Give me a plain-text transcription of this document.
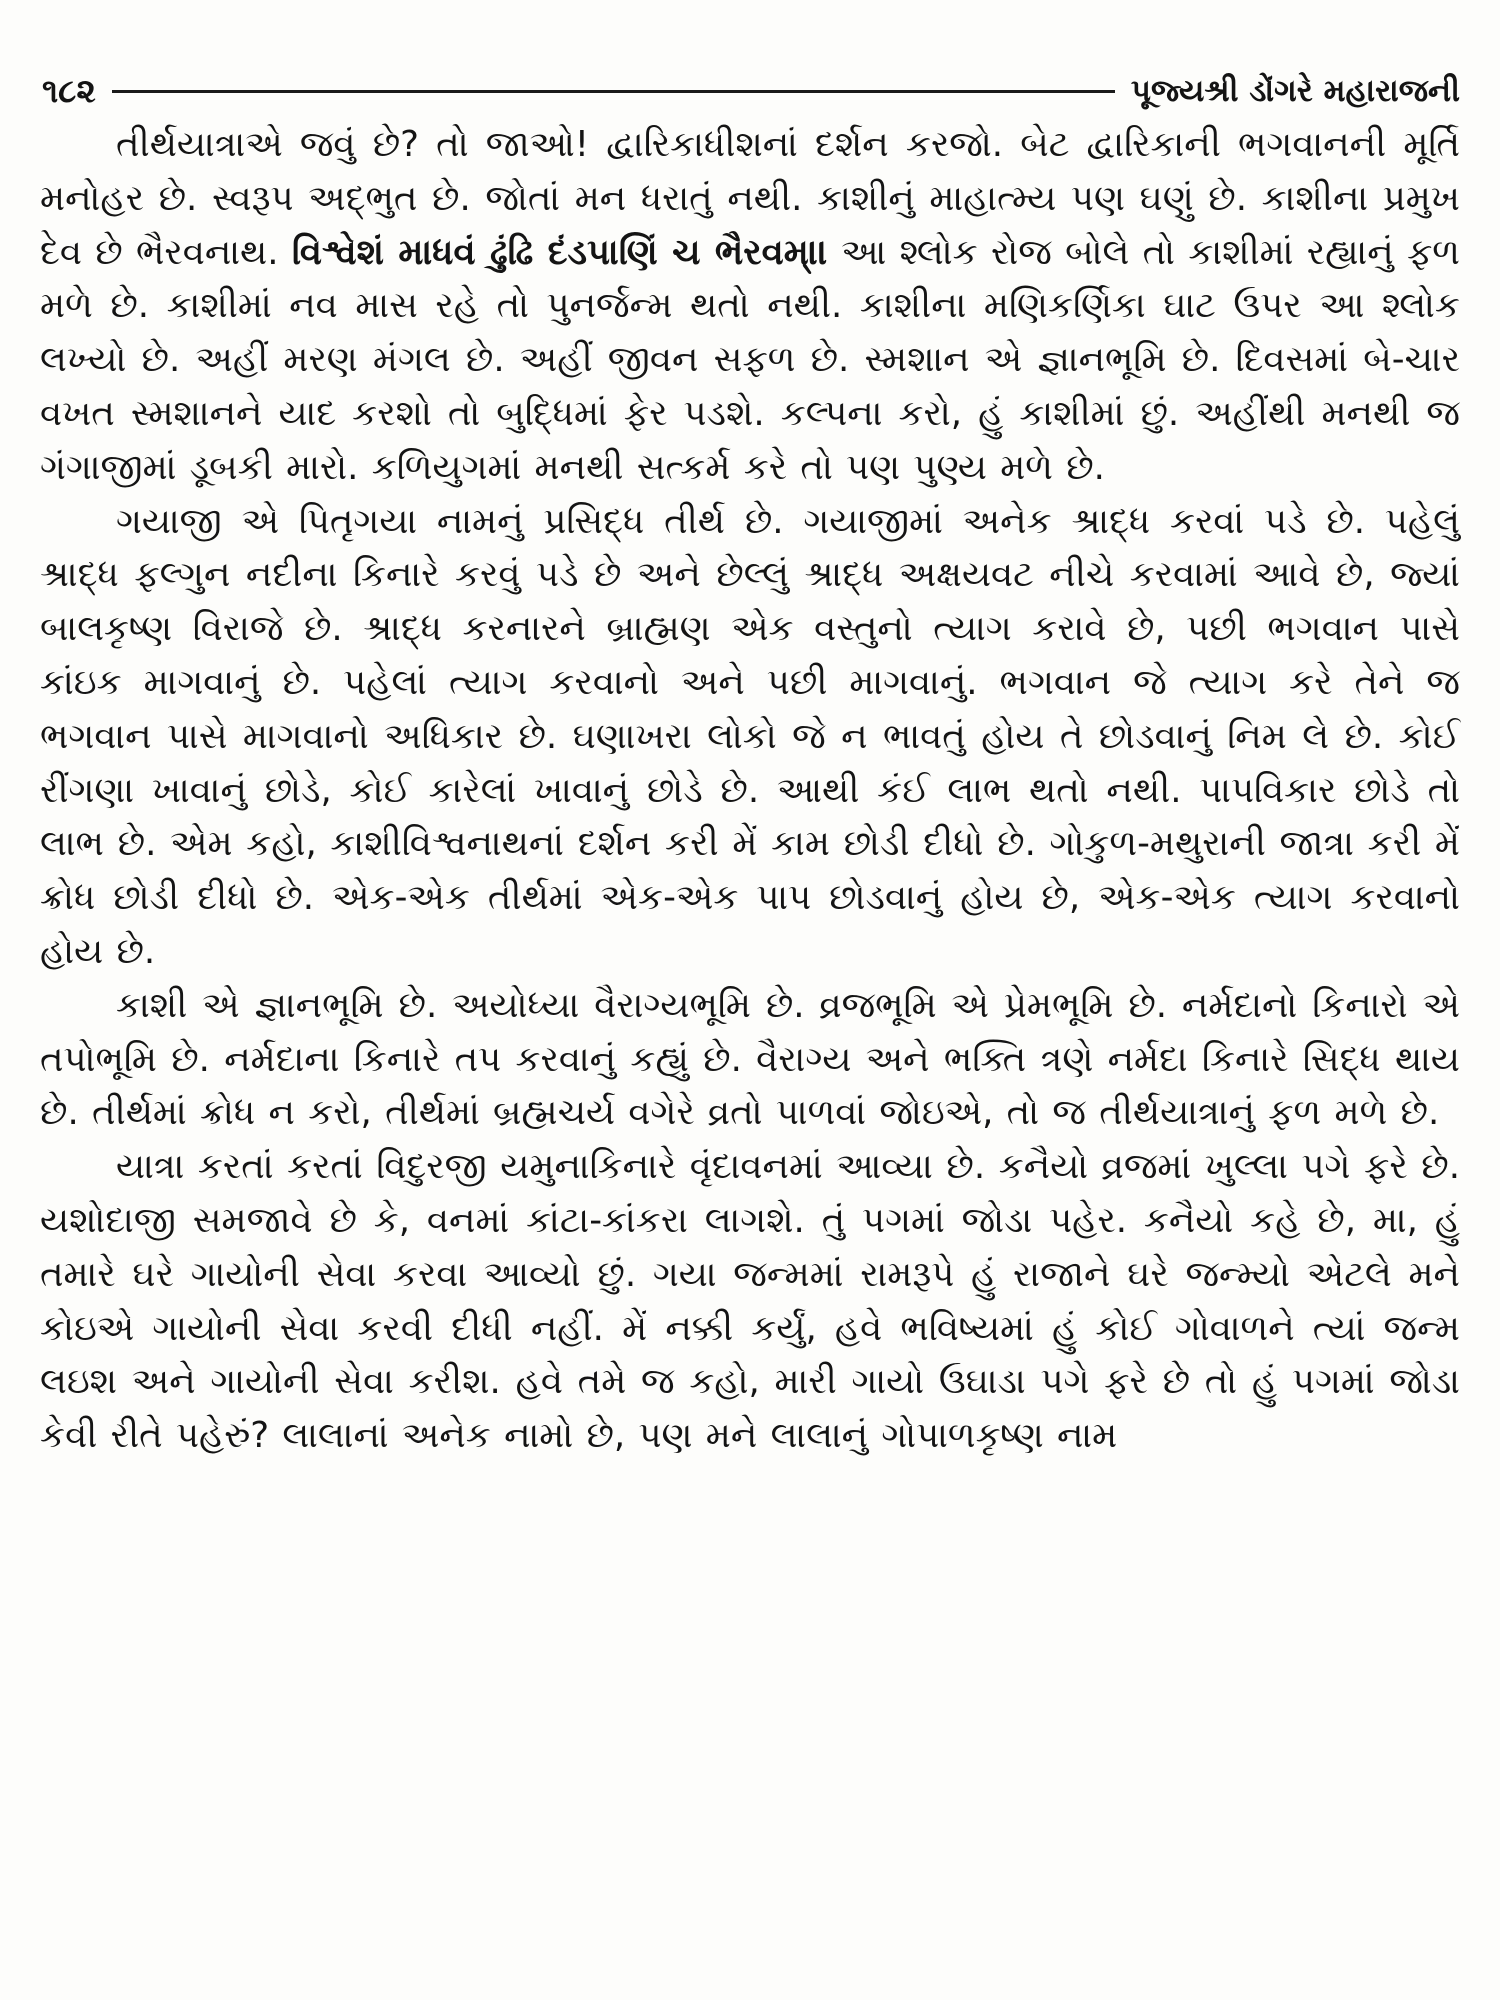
૧૮૨	પૂજ્યશ્રી ડોંગરે મહારાજની

તીર્થયાત્રાએ જવું છે? તો જાઓ! દ્વારિકાધીશનાં દર્શન કરજો. બેટ દ્વારિકાની ભગવાનની મૂર્તિ મનોહર છે. સ્વરૂપ અદ્‌ભુત છે. જોતાં મન ધરાતું નથી. કાશીનું માહાત્મ્ય પણ ઘણું છે. કાશીના પ્રમુખ દેવ છે ભૈરવનાથ. વિશ્વેશં માધવં ઢુંઢિ દંડપાણિં ચ ભૈરવમ્‌।। આ શ્લોક રોજ બોલે તો કાશીમાં રહ્યાનું ફળ મળે છે. કાશીમાં નવ માસ રહે તો પુનર્જન્મ થતો નથી. કાશીના મણિકર્ણિકા ઘાટ ઉપર આ શ્લોક લખ્યો છે. અહીં મરણ મંગલ છે. અહીં જીવન સફળ છે. સ્મશાન એ જ્ઞાનભૂમિ છે. દિવસમાં બે-ચાર વખત સ્મશાનને યાદ કરશો તો બુદ્ધિમાં ફેર પડશે. કલ્પના કરો, હું કાશીમાં છું. અહીંથી મનથી જ ગંગાજીમાં ડૂબકી મારો. કળિયુગમાં મનથી સત્કર્મ કરે તો પણ પુણ્ય મળે છે.

ગયાજી એ પિતૃગયા નામનું પ્રસિદ્ધ તીર્થ છે. ગયાજીમાં અનેક શ્રાદ્ધ કરવાં પડે છે. પહેલું શ્રાદ્ધ ફલ્ગુન નદીના કિનારે કરવું પડે છે અને છેલ્લું શ્રાદ્ધ અક્ષયવટ નીચે કરવામાં આવે છે, જ્યાં બાલકૃષ્ણ વિરાજે છે. શ્રાદ્ધ કરનારને બ્રાહ્મણ એક વસ્તુનો ત્યાગ કરાવે છે, પછી ભગવાન પાસે કાંઇક માગવાનું છે. પહેલાં ત્યાગ કરવાનો અને પછી માગવાનું. ભગવાન જે ત્યાગ કરે તેને જ ભગવાન પાસે માગવાનો અધિકાર છે. ઘણાખરા લોકો જે ન ભાવતું હોય તે છોડવાનું નિમ લે છે. કોઈ રીંગણા ખાવાનું છોડે, કોઈ કારેલાં ખાવાનું છોડે છે. આથી કંઈ લાભ થતો નથી. પાપવિકાર છોડે તો લાભ છે. એમ કહો, કાશીવિશ્વનાથનાં દર્શન કરી મેં કામ છોડી દીધો છે. ગોકુળ-મથુરાની જાત્રા કરી મેં ક્રોધ છોડી દીધો છે. એક-એક તીર્થમાં એક-એક પાપ છોડવાનું હોય છે, એક-એક ત્યાગ કરવાનો હોય છે.

કાશી એ જ્ઞાનભૂમિ છે. અયોધ્યા વૈરાગ્યભૂમિ છે. વ્રજભૂમિ એ પ્રેમભૂમિ છે. નર્મદાનો કિનારો એ તપોભૂમિ છે. નર્મદાના કિનારે તપ કરવાનું કહ્યું છે. વૈરાગ્ય અને ભક્તિ ત્રણે નર્મદા કિનારે સિદ્ધ થાય છે. તીર્થમાં ક્રોધ ન કરો, તીર્થમાં બ્રહ્મચર્ય વગેરે વ્રતો પાળવાં જોઇએ, તો જ તીર્થયાત્રાનું ફળ મળે છે.

યાત્રા કરતાં કરતાં વિદુરજી યમુનાકિનારે વૃંદાવનમાં આવ્યા છે. કનૈયો વ્રજમાં ખુલ્લા પગે ફરે છે. યશોદાજી સમજાવે છે કે, વનમાં કાંટા-કાંકરા લાગશે. તું પગમાં જોડા પહેર. કનૈયો કહે છે, મા, હું તમારે ઘરે ગાયોની સેવા કરવા આવ્યો છું. ગયા જન્મમાં રામરૂપે હું રાજાને ઘરે જન્મ્યો એટલે મને કોઇએ ગાયોની સેવા કરવી દીધી નહીં. મેં નક્કી કર્યું, હવે ભવિષ્યમાં હું કોઈ ગોવાળને ત્યાં જન્મ લઇશ અને ગાયોની સેવા કરીશ. હવે તમે જ કહો, મારી ગાયો ઉઘાડા પગે ફરે છે તો હું પગમાં જોડા કેવી રીતે પહેરું? લાલાનાં અનેક નામો છે, પણ મને લાલાનું ગોપાળકૃષ્ણ નામ
